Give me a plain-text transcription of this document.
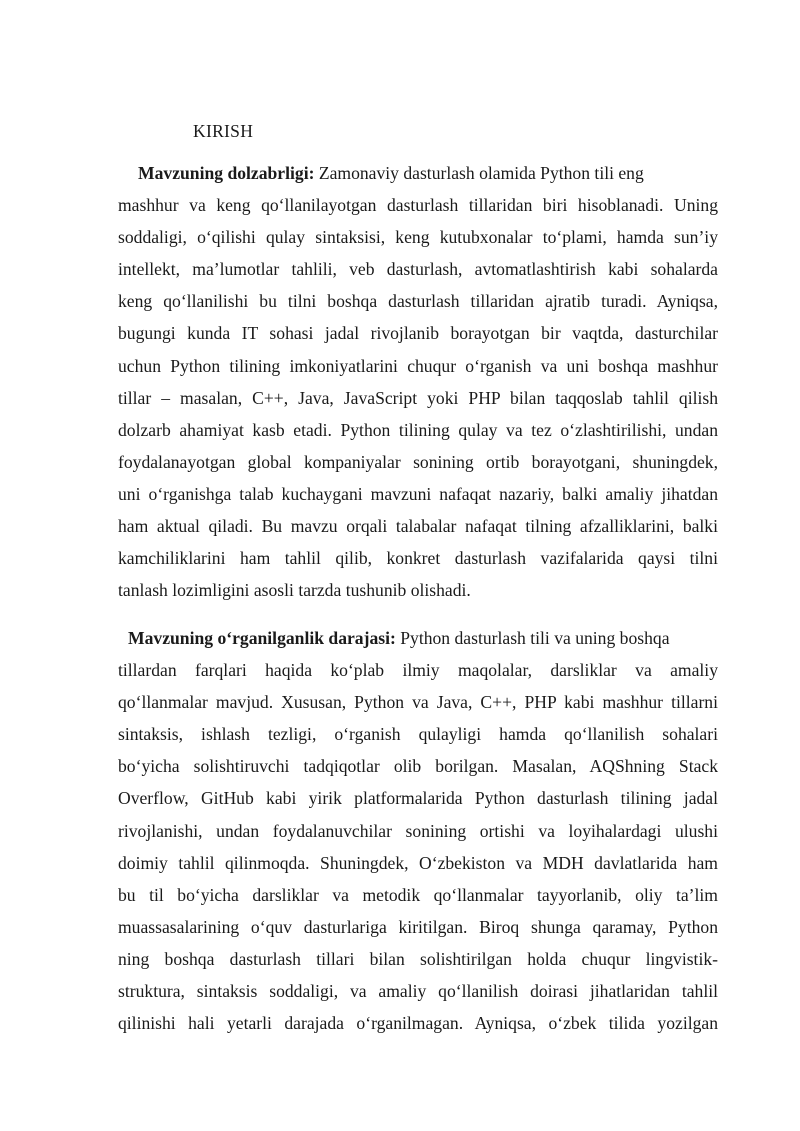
KIRISH
Mavzuning dolzabrligi: Zamonaviy dasturlash olamida Python tili eng
mashhur va keng qo‘llanilayotgan dasturlash tillaridan biri hisoblanadi. Uning
soddaligi, o‘qilishi qulay sintaksisi, keng kutubxonalar to‘plami, hamda sun’iy
intellekt, ma’lumotlar tahlili, veb dasturlash, avtomatlashtirish kabi sohalarda
keng qo‘llanilishi bu tilni boshqa dasturlash tillaridan ajratib turadi. Ayniqsa,
bugungi kunda IT sohasi jadal rivojlanib borayotgan bir vaqtda, dasturchilar
uchun Python tilining imkoniyatlarini chuqur o‘rganish va uni boshqa mashhur
tillar – masalan, C++, Java, JavaScript yoki PHP bilan taqqoslab tahlil qilish
dolzarb ahamiyat kasb etadi. Python tilining qulay va tez o‘zlashtirilishi, undan
foydalanayotgan global kompaniyalar sonining ortib borayotgani, shuningdek,
uni o‘rganishga talab kuchaygani mavzuni nafaqat nazariy, balki amaliy jihatdan
ham aktual qiladi. Bu mavzu orqali talabalar nafaqat tilning afzalliklarini, balki
kamchiliklarini ham tahlil qilib, konkret dasturlash vazifalarida qaysi tilni
tanlash lozimligini asosli tarzda tushunib olishadi.
Mavzuning o‘rganilganlik darajasi: Python dasturlash tili va uning boshqa
tillardan farqlari haqida ko‘plab ilmiy maqolalar, darsliklar va amaliy
qo‘llanmalar mavjud. Xususan, Python va Java, C++, PHP kabi mashhur tillarni
sintaksis, ishlash tezligi, o‘rganish qulayligi hamda qo‘llanilish sohalari
bo‘yicha solishtiruvchi tadqiqotlar olib borilgan. Masalan, AQShning Stack
Overflow, GitHub kabi yirik platformalarida Python dasturlash tilining jadal
rivojlanishi, undan foydalanuvchilar sonining ortishi va loyihalardagi ulushi
doimiy tahlil qilinmoqda. Shuningdek, O‘zbekiston va MDH davlatlarida ham
bu til bo‘yicha darsliklar va metodik qo‘llanmalar tayyorlanib, oliy ta’lim
muassasalarining o‘quv dasturlariga kiritilgan. Biroq shunga qaramay, Python
ning boshqa dasturlash tillari bilan solishtirilgan holda chuqur lingvistik-
struktura, sintaksis soddaligi, va amaliy qo‘llanilish doirasi jihatlaridan tahlil
qilinishi hali yetarli darajada o‘rganilmagan. Ayniqsa, o‘zbek tilida yozilgan
